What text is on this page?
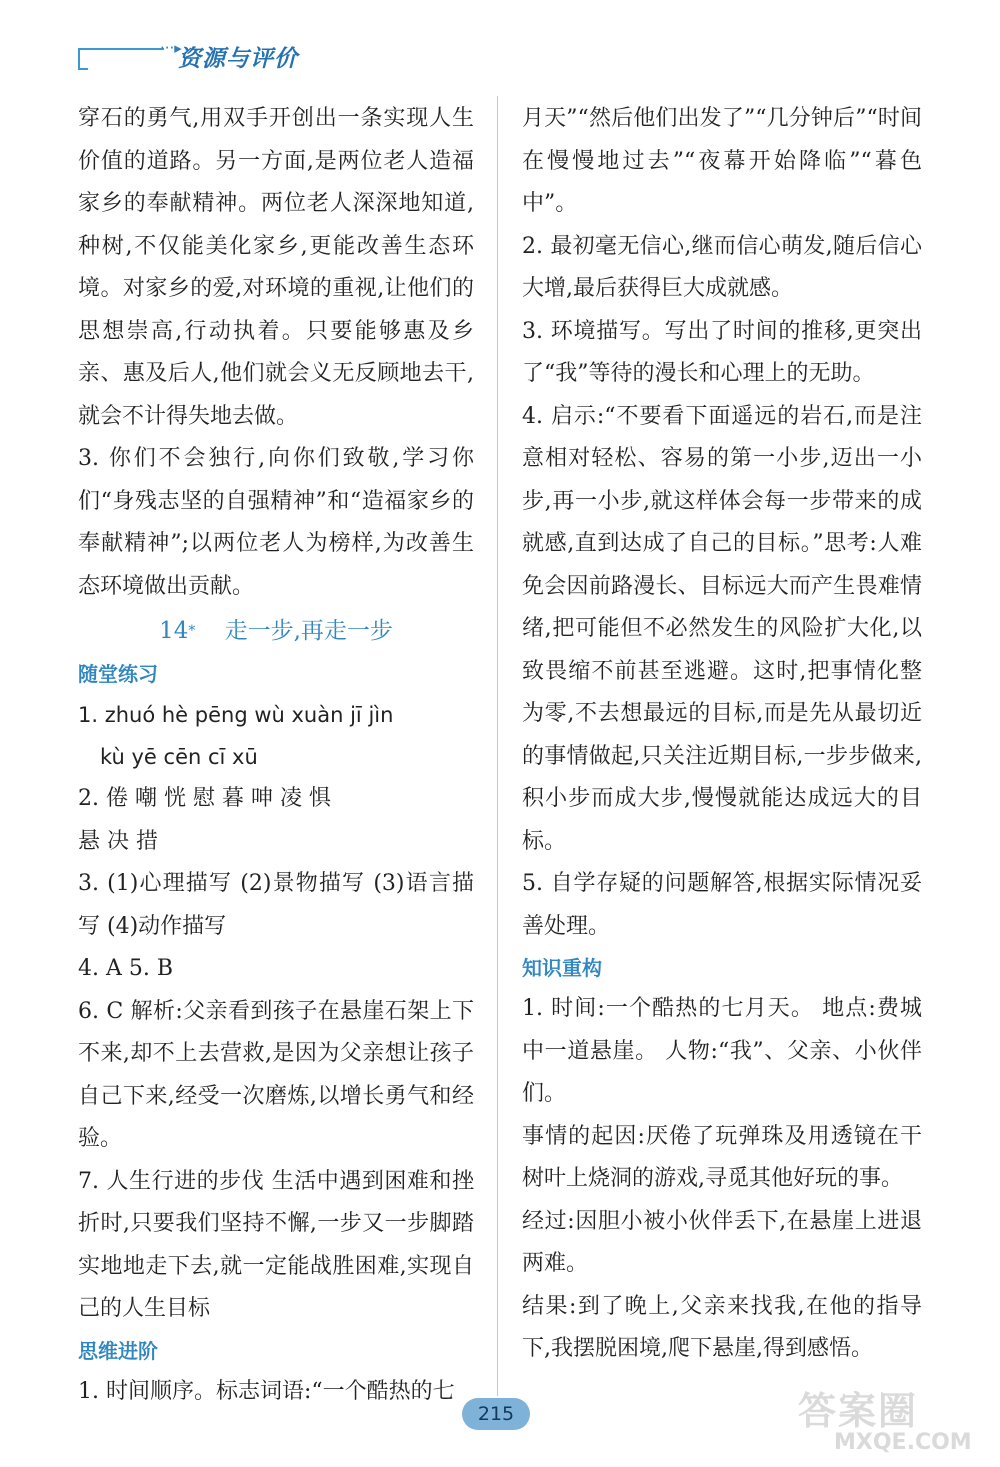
···▸
资源与评价

穿石的勇气,用双手开创出一条实现人生价值的道路。另一方面,是两位老人造福家乡的奉献精神。两位老人深深地知道,种树,不仅能美化家乡,更能改善生态环境。对家乡的爱,对环境的重视,让他们的思想崇高,行动执着。只要能够惠及乡亲、惠及后人,他们就会义无反顾地去干,就会不计得失地去做。

3. 你们不会独行,向你们致敬,学习你们“身残志坚的自强精神”和“造福家乡的奉献精神”;以两位老人为榜样,为改善生态环境做出贡献。

14* 走一步,再走一步

随堂练习

1. zhuó hè pēng wù xuàn jī jìn

kù yē cēn cī xū

2. 倦 嘲 恍 慰 暮 呻 凌 惧

悬 决 措

3. (1)心理描写 (2)景物描写 (3)语言描写 (4)动作描写

4. A 5. B

6. C 解析:父亲看到孩子在悬崖石架上下不来,却不上去营救,是因为父亲想让孩子自己下来,经受一次磨炼,以增长勇气和经验。

7. 人生行进的步伐 生活中遇到困难和挫折时,只要我们坚持不懈,一步又一步脚踏实地地走下去,就一定能战胜困难,实现自己的人生目标

思维进阶

1. 时间顺序。标志词语:“一个酷热的七

月天”“然后他们出发了”“几分钟后”“时间在慢慢地过去”“夜幕开始降临”“暮色中”。

2. 最初毫无信心,继而信心萌发,随后信心大增,最后获得巨大成就感。

3. 环境描写。写出了时间的推移,更突出了“我”等待的漫长和心理上的无助。

4. 启示:“不要看下面遥远的岩石,而是注意相对轻松、容易的第一小步,迈出一小步,再一小步,就这样体会每一步带来的成就感,直到达成了自己的目标。”思考:人难免会因前路漫长、目标远大而产生畏难情绪,把可能但不必然发生的风险扩大化,以致畏缩不前甚至逃避。这时,把事情化整为零,不去想最远的目标,而是先从最切近的事情做起,只关注近期目标,一步步做来,积小步而成大步,慢慢就能达成远大的目标。

5. 自学存疑的问题解答,根据实际情况妥善处理。

知识重构

1. 时间:一个酷热的七月天。 地点:费城中一道悬崖。 人物:“我”、父亲、小伙伴们。

事情的起因:厌倦了玩弹珠及用透镜在干树叶上烧洞的游戏,寻觅其他好玩的事。

经过:因胆小被小伙伴丢下,在悬崖上进退两难。

结果:到了晚上,父亲来找我,在他的指导下,我摆脱困境,爬下悬崖,得到感悟。

215	答案圈
MXQE.COM
